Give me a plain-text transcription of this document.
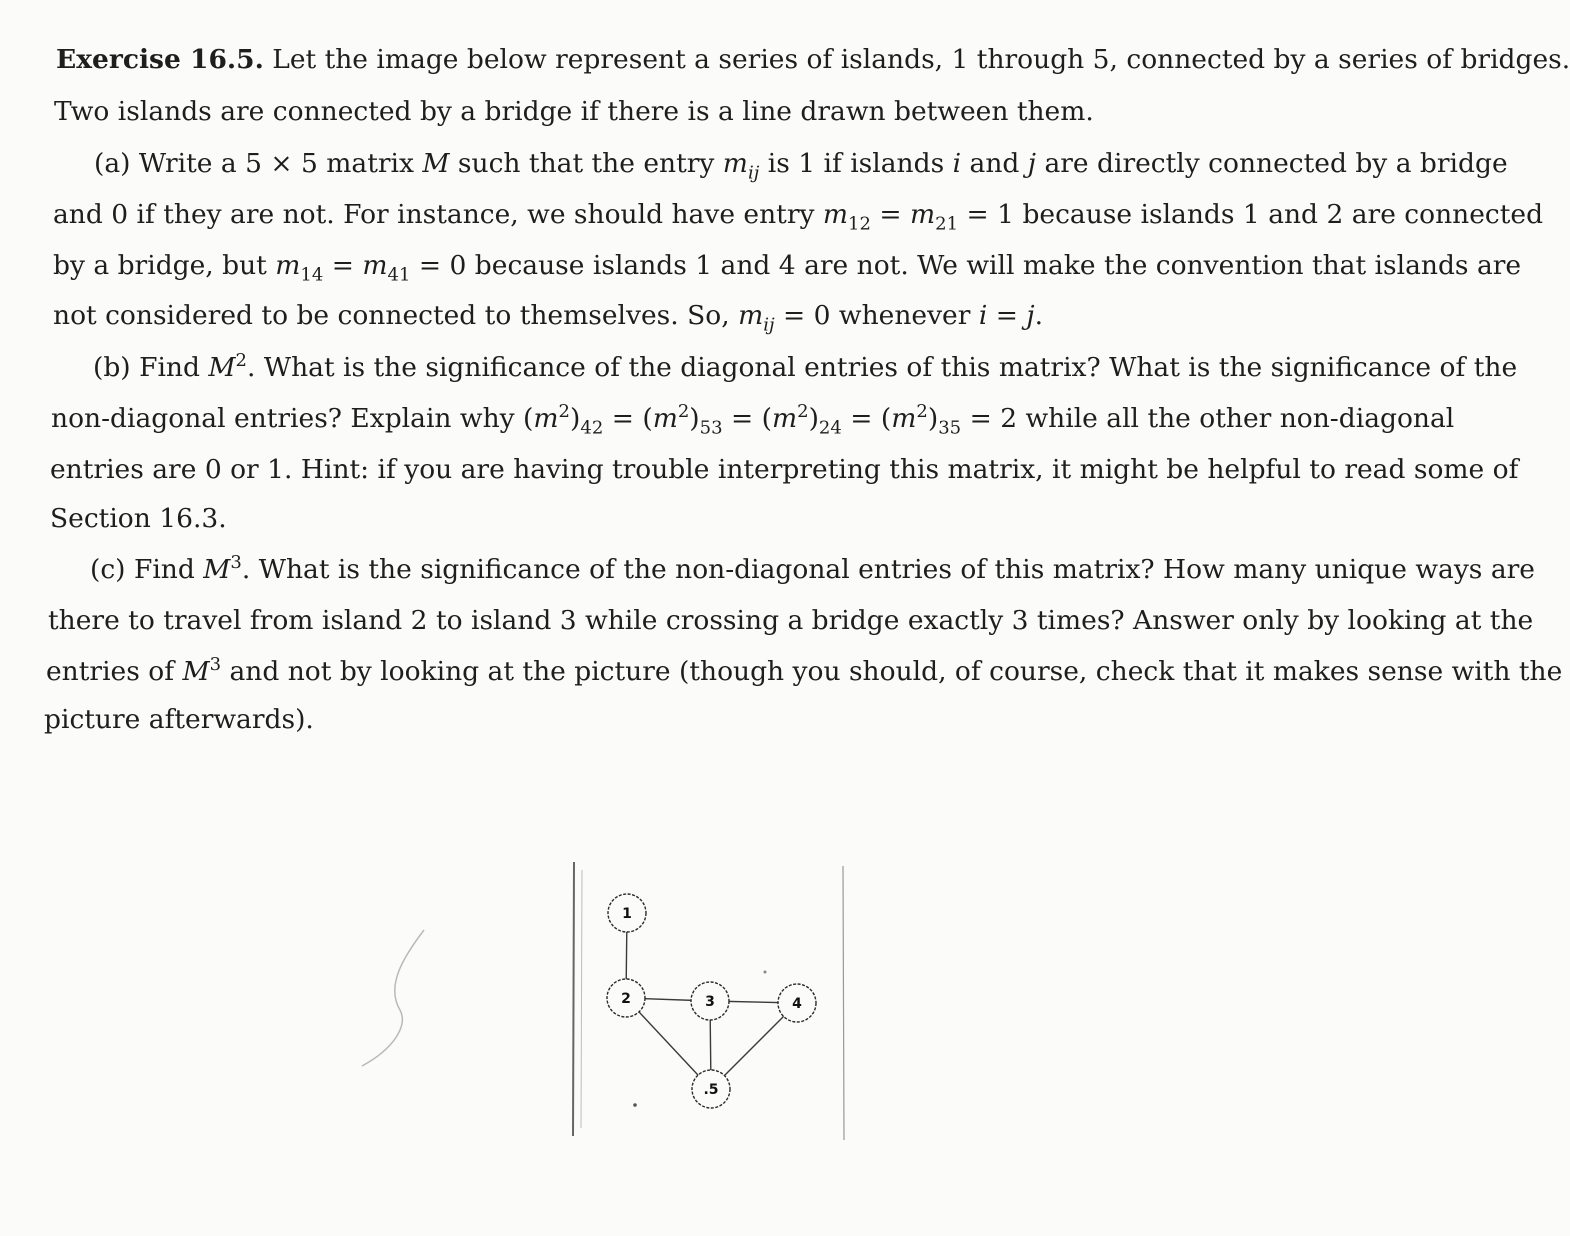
Exercise 16.5. Let the image below represent a series of islands, 1 through 5, connected by a series of bridges.

Two islands are connected by a bridge if there is a line drawn between them.

(a) Write a 5 × 5 matrix M such that the entry $m_{ij}$ is 1 if islands i and j are directly connected by a bridge

and 0 if they are not. For instance, we should have entry $m_{12} = m_{21} = 1$ because islands 1 and 2 are connected

by a bridge, but $m_{14} = m_{41} = 0$ because islands 1 and 4 are not. We will make the convention that islands are

not considered to be connected to themselves. So, $m_{ij} = 0$ whenever i = j.

(b) Find $M^2$. What is the significance of the diagonal entries of this matrix? What is the significance of the

non-diagonal entries? Explain why $(m^2)_{42} = (m^2)_{53} = (m^2)_{24} = (m^2)_{35} = 2$ while all the other non-diagonal

entries are 0 or 1. Hint: if you are having trouble interpreting this matrix, it might be helpful to read some of

Section 16.3.

(c) Find $M^3$. What is the significance of the non-diagonal entries of this matrix? How many unique ways are

there to travel from island 2 to island 3 while crossing a bridge exactly 3 times? Answer only by looking at the

entries of $M^3$ and not by looking at the picture (though you should, of course, check that it makes sense with the

picture afterwards).

1
2	3	4
.5
